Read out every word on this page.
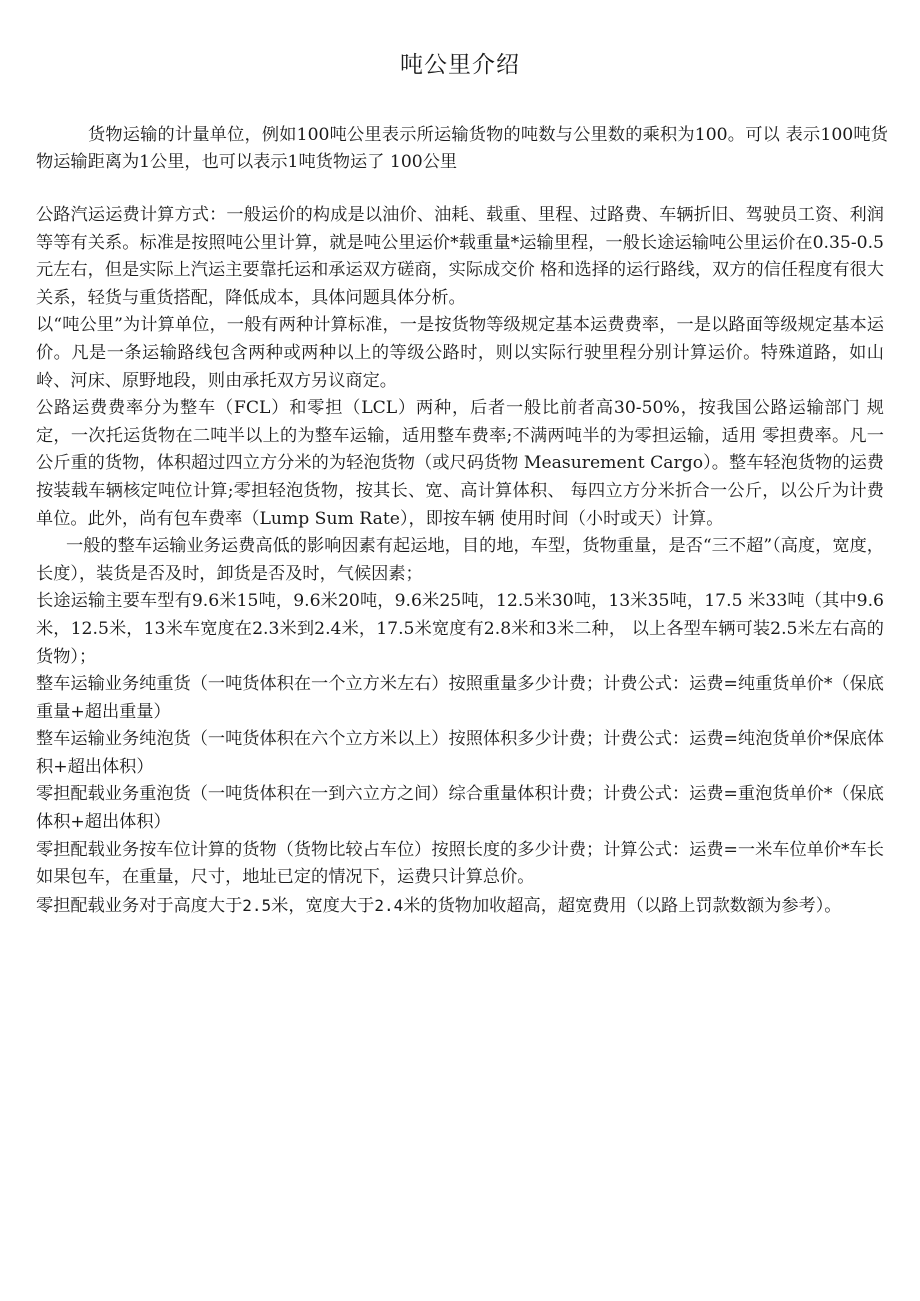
吨公里介绍

货物运输的计量单位，例如100吨公里表示所运输货物的吨数与公里数的乘积为100。可以 表示100吨货物运输距离为1公里，也可以表示1吨货物运了 100公里

公路汽运运费计算方式：一般运价的构成是以油价、油耗、载重、里程、过路费、车辆折旧、驾驶员工资、利润等等有关系。标准是按照吨公里计算，就是吨公里运价*载重量*运输里程，一般长途运输吨公里运价在0.35-0.5元左右，但是实际上汽运主要靠托运和承运双方磋商，实际成交价 格和选择的运行路线，双方的信任程度有很大关系，轻货与重货搭配，降低成本，具体问题具体分析。

以“吨公里”为计算单位，一般有两种计算标准，一是按货物等级规定基本运费费率，一是以路面等级规定基本运价。凡是一条运输路线包含两种或两种以上的等级公路时，则以实际行驶里程分别计算运价。特殊道路，如山岭、河床、原野地段，则由承托双方另议商定。

公路运费费率分为整车（FCL）和零担（LCL）两种，后者一般比前者高30-50%，按我国公路运输部门 规定，一次托运货物在二吨半以上的为整车运输，适用整车费率;不满两吨半的为零担运输，适用 零担费率。凡一公斤重的货物，体积超过四立方分米的为轻泡货物（或尺码货物 Measurement Cargo）。整车轻泡货物的运费按装载车辆核定吨位计算;零担轻泡货物，按其长、宽、高计算体积、 每四立方分米折合一公斤，以公斤为计费单位。此外，尚有包车费率（Lump Sum Rate），即按车辆 使用时间（小时或天）计算。

一般的整车运输业务运费高低的影响因素有起运地，目的地，车型，货物重量，是否“三不超”（高度，宽度，长度），装货是否及时，卸货是否及时，气候因素；

长途运输主要车型有9.6米15吨，9.6米20吨，9.6米25吨，12.5米30吨，13米35吨，17.5 米33吨（其中9.6米，12.5米，13米车宽度在2.3米到2.4米，17.5米宽度有2.8米和3米二种， 以上各型车辆可装2.5米左右高的货物）；

整车运输业务纯重货（一吨货体积在一个立方米左右）按照重量多少计费；计费公式：运费=纯重货单价*（保底重量+超出重量）

整车运输业务纯泡货（一吨货体积在六个立方米以上）按照体积多少计费；计费公式：运费=纯泡货单价*保底体积+超出体积）

零担配载业务重泡货（一吨货体积在一到六立方之间）综合重量体积计费；计费公式：运费=重泡货单价*（保底体积+超出体积）

零担配载业务按车位计算的货物（货物比较占车位）按照长度的多少计费；计算公式：运费=一米车位单价*车长

如果包车，在重量，尺寸，地址已定的情况下，运费只计算总价。

零担配载业务对于高度大于2.5米，宽度大于2.4米的货物加收超高，超宽费用（以路上罚款数额为参考）。
